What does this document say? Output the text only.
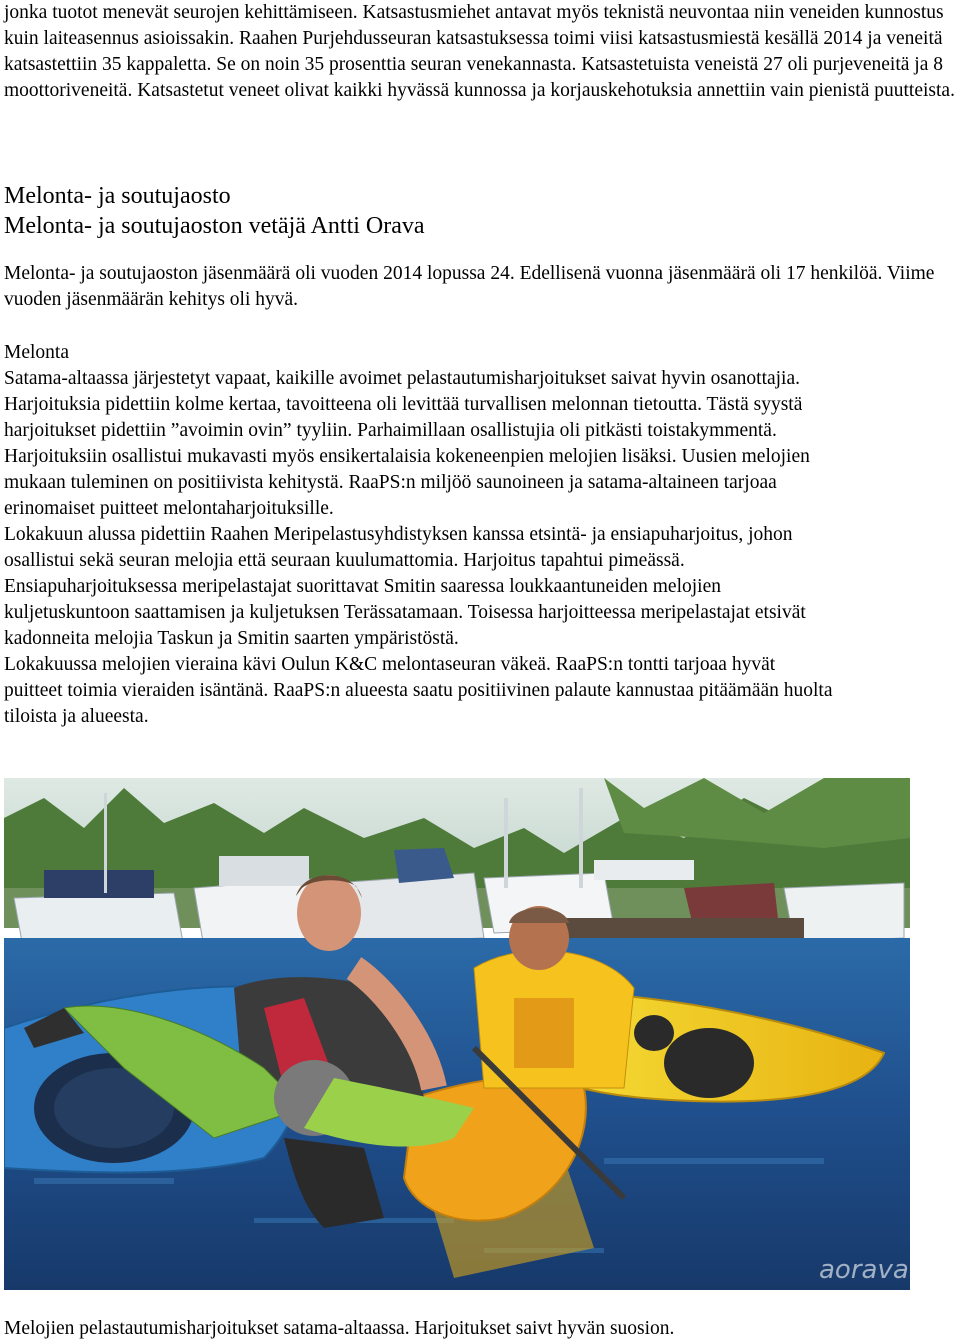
jonka tuotot menevät seurojen kehittämiseen. Katsastusmiehet antavat myös teknistä neuvontaa niin veneiden kunnostus kuin laiteasennus asioissakin. Raahen Purjehdusseuran katsastuksessa toimi viisi katsastusmiestä kesällä 2014 ja veneitä katsastettiin 35 kappaletta. Se on noin 35 prosenttia seuran venekannasta. Katsastetuista veneistä 27 oli purjeveneitä ja 8 moottoriveneitä. Katsastetut veneet olivat kaikki hyvässä kunnossa ja korjauskehotuksia annettiin vain pienistä puutteista.

Melonta- ja soutujaosto
Melonta- ja soutujaoston vetäjä Antti Orava

Melonta- ja soutujaoston jäsenmäärä oli vuoden 2014 lopussa 24. Edellisenä vuonna jäsenmäärä oli 17 henkilöä. Viime vuoden jäsenmäärän kehitys oli hyvä.

Melonta
Satama-altaassa järjestetyt vapaat, kaikille avoimet pelastautumisharjoitukset saivat hyvin osanottajia.
Harjoituksia pidettiin kolme kertaa, tavoitteena oli levittää turvallisen melonnan tietoutta. Tästä syystä
harjoitukset pidettiin ”avoimin ovin” tyyliin. Parhaimillaan osallistujia oli pitkästi toistakymmentä.
Harjoituksiin osallistui mukavasti myös ensikertalaisia kokeneenpien melojien lisäksi. Uusien melojien
mukaan tuleminen on positiivista kehitystä. RaaPS:n miljöö saunoineen ja satama-altaineen tarjoaa
erinomaiset puitteet melontaharjoituksille.
Lokakuun alussa pidettiin Raahen Meripelastusyhdistyksen kanssa etsintä- ja ensiapuharjoitus, johon
osallistui sekä seuran melojia että seuraan kuulumattomia. Harjoitus tapahtui pimeässä.
Ensiapuharjoituksessa meripelastajat suorittavat Smitin saaressa loukkaantuneiden melojien
kuljetuskuntoon saattamisen ja kuljetuksen Terässatamaan. Toisessa harjoitteessa meripelastajat etsivät
kadonneita melojia Taskun ja Smitin saarten ympäristöstä.
Lokakuussa melojien vieraina kävi Oulun K&C melontaseuran väkeä. RaaPS:n tontti tarjoaa hyvät
puitteet toimia vieraiden isäntänä. RaaPS:n alueesta saatu positiivinen palaute kannustaa pitäämään huolta
tiloista ja alueesta.
aorava

Melojien pelastautumisharjoitukset satama-altaassa. Harjoitukset saivt hyvän suosion.
